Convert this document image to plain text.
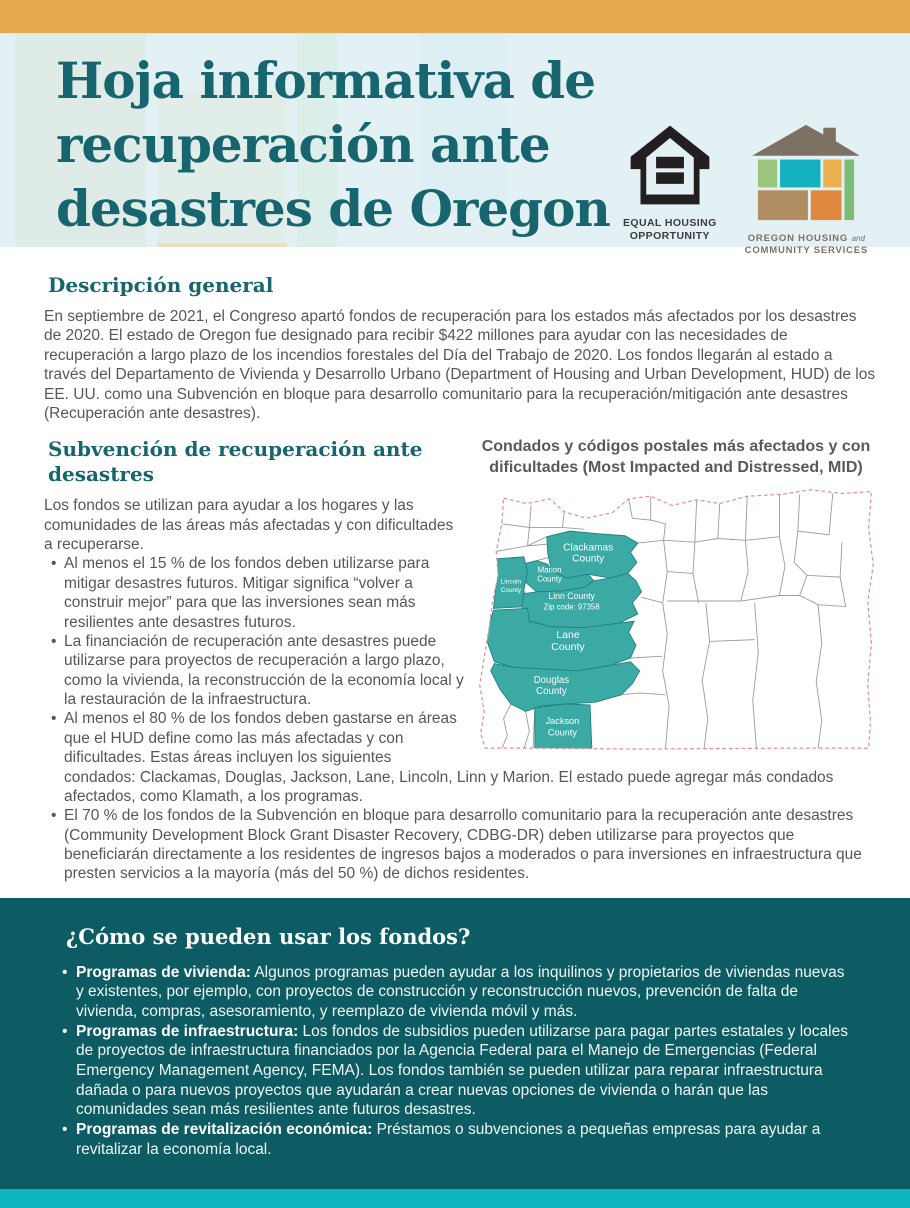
Hoja informativa de
recuperación ante
desastres de Oregon EQUAL HOUSING
OPPORTUNITY	OREGON HOUSING and
COMMUNITY SERVICES
Descripción general

En septiembre de 2021, el Congreso apartó fondos de recuperación para los estados más afectados por los desastres de 2020. El estado de Oregon fue designado para recibir $422 millones para ayudar con las necesidades de recuperación a largo plazo de los incendios forestales del Día del Trabajo de 2020. Los fondos llegarán al estado a través del Departamento de Vivienda y Desarrollo Urbano (Department of Housing and Urban Development, HUD) de los EE. UU. como una Subvención en bloque para desarrollo comunitario para la recuperación/mitigación ante desastres (Recuperación ante desastres).

Condados y códigos postales más afectados y con dificultades (Most Impacted and Distressed, MID)
Clackamas
County
Marion
County
Lincoln
County
Linn County
Zip code: 97358
Lane
County
Douglas
County
Jackson
County
Subvención de recuperación ante desastres

Los fondos se utilizan para ayudar a los hogares y las comunidades de las áreas más afectadas y con dificultades a recuperarse.

• Al menos el 15 % de los fondos deben utilizarse para mitigar desastres futuros. Mitigar significa “volver a construir mejor” para que las inversiones sean más resilientes ante desastres futuros.
• La financiación de recuperación ante desastres puede utilizarse para proyectos de recuperación a largo plazo, como la vivienda, la reconstrucción de la economía local y la restauración de la infraestructura.
• Al menos el 80 % de los fondos deben gastarse en áreas que el HUD define como las más afectadas y con dificultades. Estas áreas incluyen los siguientes condados: Clackamas, Douglas, Jackson, Lane, Lincoln, Linn y Marion. El estado puede agregar más condados afectados, como Klamath, a los programas.
• El 70 % de los fondos de la Subvención en bloque para desarrollo comunitario para la recuperación ante desastres (Community Development Block Grant Disaster Recovery, CDBG-DR) deben utilizarse para proyectos que beneficiarán directamente a los residentes de ingresos bajos a moderados o para inversiones en infraestructura que presten servicios a la mayoría (más del 50 %) de dichos residentes.
¿Cómo se pueden usar los fondos?
• Programas de vivienda: Algunos programas pueden ayudar a los inquilinos y propietarios de viviendas nuevas y existentes, por ejemplo, con proyectos de construcción y reconstrucción nuevos, prevención de falta de vivienda, compras, asesoramiento, y reemplazo de vivienda móvil y más.
• Programas de infraestructura: Los fondos de subsidios pueden utilizarse para pagar partes estatales y locales de proyectos de infraestructura financiados por la Agencia Federal para el Manejo de Emergencias (Federal Emergency Management Agency, FEMA). Los fondos también se pueden utilizar para reparar infraestructura dañada o para nuevos proyectos que ayudarán a crear nuevas opciones de vivienda o harán que las comunidades sean más resilientes ante futuros desastres.
• Programas de revitalización económica: Préstamos o subvenciones a pequeñas empresas para ayudar a revitalizar la economía local.
